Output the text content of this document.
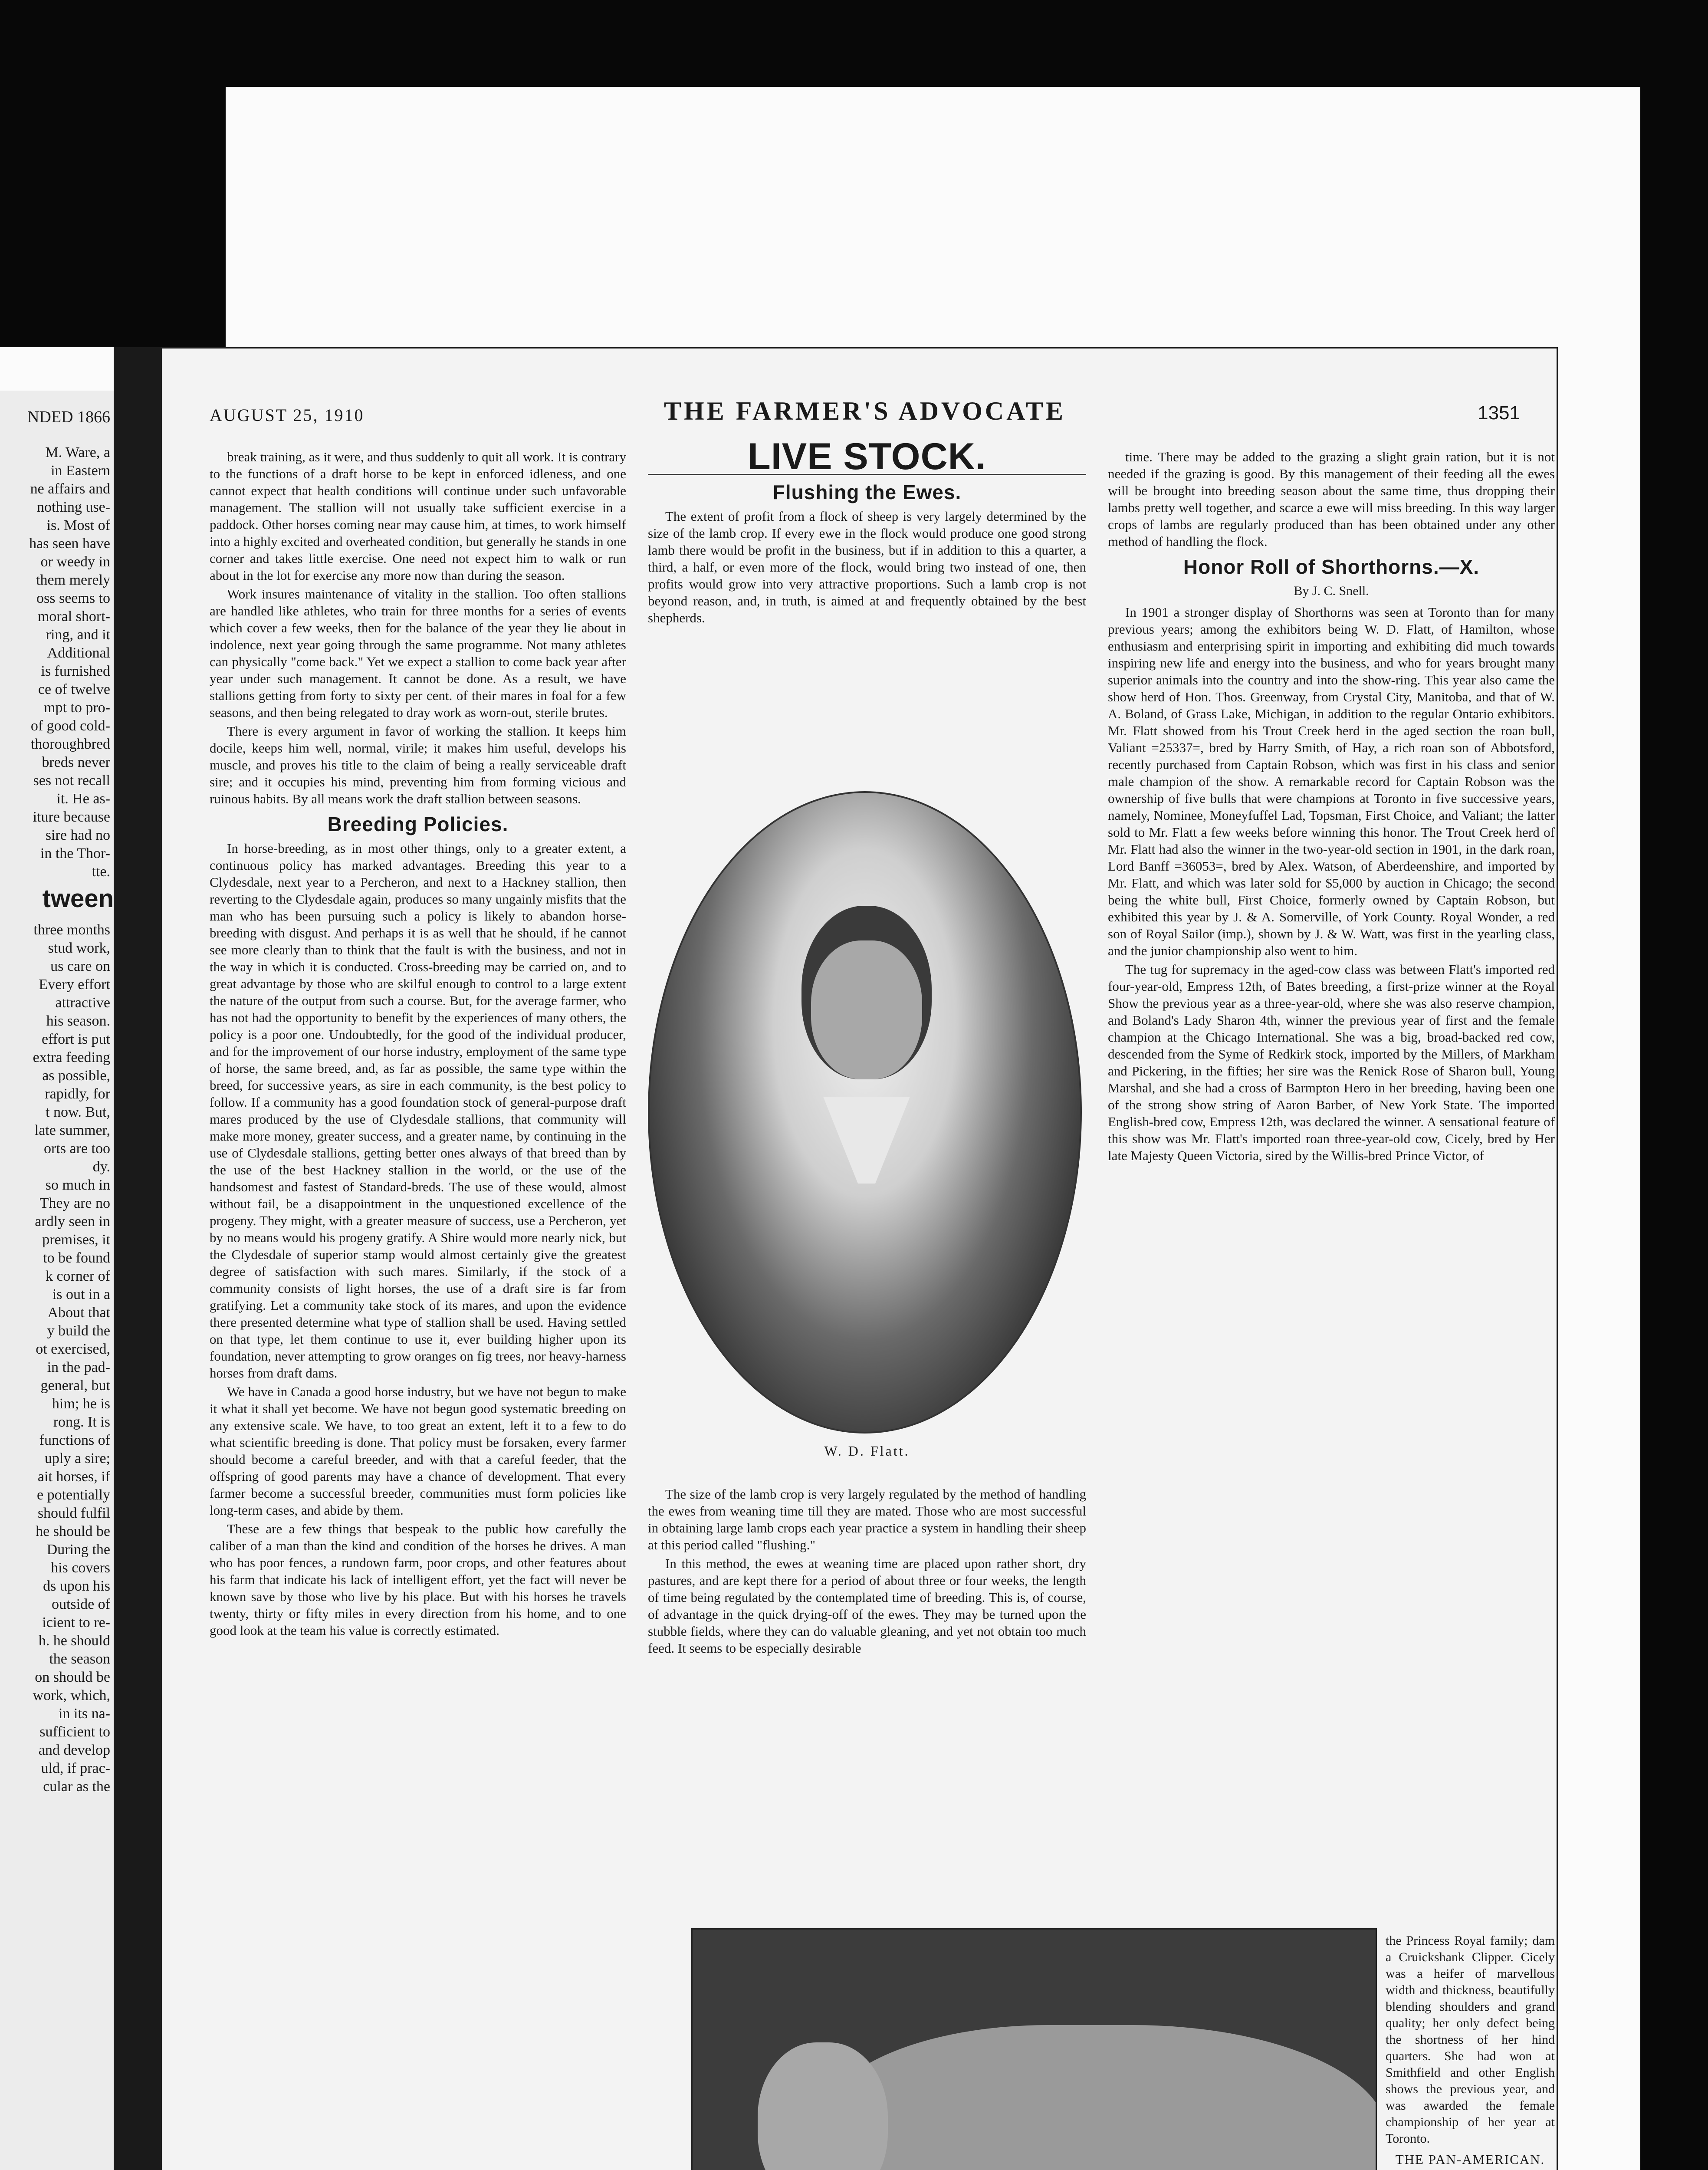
NDED 1866
M. Ware, a
in Eastern
ne affairs and
nothing use-
is. Most of
has seen have
or weedy in
them merely
oss seems to
moral short-
ring, and it
Additional
is furnished
ce of twelve
mpt to pro-
of good cold-
thoroughbred
breds never
ses not recall
it. He as-
iture because
sire had no
in the Thor-
tte.
tween
three months
stud work,
us care on
Every effort
attractive
his season.
effort is put
extra feeding
as possible,
rapidly, for
t now. But,
late summer,
orts are too
dy.
so much in
They are no
ardly seen in
premises, it
to be found
k corner of
is out in a
About that
y build the
ot exercised,
in the pad-
general, but
him; he is
rong. It is
functions of
uply a sire;
ait horses, if
e potentially
should fulfil
he should be
During the
his covers
ds upon his
outside of
icient to re-
h. he should
the season
on should be
work, which,
in its na-
sufficient to
and develop
uld, if prac-
cular as the
AUGUST 25, 1910	THE FARMER'S ADVOCATE	1351

break training, as it were, and thus suddenly to quit all work. It is contrary to the functions of a draft horse to be kept in enforced idleness, and one cannot expect that health conditions will continue under such unfavorable management. The stallion will not usually take sufficient exercise in a paddock. Other horses coming near may cause him, at times, to work himself into a highly excited and overheated condition, but generally he stands in one corner and takes little exercise. One need not expect him to walk or run about in the lot for exercise any more now than during the season.

Work insures maintenance of vitality in the stallion. Too often stallions are handled like athletes, who train for three months for a series of events which cover a few weeks, then for the balance of the year they lie about in indolence, next year going through the same programme. Not many athletes can physically "come back." Yet we expect a stallion to come back year after year under such management. It cannot be done. As a result, we have stallions getting from forty to sixty per cent. of their mares in foal for a few seasons, and then being relegated to dray work as worn-out, sterile brutes.

There is every argument in favor of working the stallion. It keeps him docile, keeps him well, normal, virile; it makes him useful, develops his muscle, and proves his title to the claim of being a really serviceable draft sire; and it occupies his mind, preventing him from forming vicious and ruinous habits. By all means work the draft stallion between seasons.

Breeding Policies.

In horse-breeding, as in most other things, only to a greater extent, a continuous policy has marked advantages. Breeding this year to a Clydesdale, next year to a Percheron, and next to a Hackney stallion, then reverting to the Clydesdale again, produces so many ungainly misfits that the man who has been pursuing such a policy is likely to abandon horse-breeding with disgust. And perhaps it is as well that he should, if he cannot see more clearly than to think that the fault is with the business, and not in the way in which it is conducted. Cross-breeding may be carried on, and to great advantage by those who are skilful enough to control to a large extent the nature of the output from such a course. But, for the average farmer, who has not had the opportunity to benefit by the experiences of many others, the policy is a poor one. Undoubtedly, for the good of the individual producer, and for the improvement of our horse industry, employment of the same type of horse, the same breed, and, as far as possible, the same type within the breed, for successive years, as sire in each community, is the best policy to follow. If a community has a good foundation stock of general-purpose draft mares produced by the use of Clydesdale stallions, that community will make more money, greater success, and a greater name, by continuing in the use of Clydesdale stallions, getting better ones always of that breed than by the use of the best Hackney stallion in the world, or the use of the handsomest and fastest of Standard-breds. The use of these would, almost without fail, be a disappointment in the unquestioned excellence of the progeny. They might, with a greater measure of success, use a Percheron, yet by no means would his progeny gratify. A Shire would more nearly nick, but the Clydesdale of superior stamp would almost certainly give the greatest degree of satisfaction with such mares. Similarly, if the stock of a community consists of light horses, the use of a draft sire is far from gratifying. Let a community take stock of its mares, and upon the evidence there presented determine what type of stallion shall be used. Having settled on that type, let them continue to use it, ever building higher upon its foundation, never attempting to grow oranges on fig trees, nor heavy-harness horses from draft dams.

We have in Canada a good horse industry, but we have not begun to make it what it shall yet become. We have not begun good systematic breeding on any extensive scale. We have, to too great an extent, left it to a few to do what scientific breeding is done. That policy must be forsaken, every farmer should become a careful breeder, and with that a careful feeder, that the offspring of good parents may have a chance of development. That every farmer become a successful breeder, communities must form policies like long-term cases, and abide by them.

These are a few things that bespeak to the public how carefully the caliber of a man than the kind and condition of the horses he drives. A man who has poor fences, a rundown farm, poor crops, and other features about his farm that indicate his lack of intelligent effort, yet the fact will never be known save by those who live by his place. But with his horses he travels twenty, thirty or fifty miles in every direction from his home, and to one good look at the team his value is correctly estimated.

LIVE STOCK.
Flushing the Ewes.

The extent of profit from a flock of sheep is very largely determined by the size of the lamb crop. If every ewe in the flock would produce one good strong lamb there would be profit in the business, but if in addition to this a quarter, a third, a half, or even more of the flock, would bring two instead of one, then profits would grow into very attractive proportions. Such a lamb crop is not beyond reason, and, in truth, is aimed at and frequently obtained by the best shepherds.

W. D. Flatt.

The size of the lamb crop is very largely regulated by the method of handling the ewes from weaning time till they are mated. Those who are most successful in obtaining large lamb crops each year practice a system in handling their sheep at this period called "flushing."

In this method, the ewes at weaning time are placed upon rather short, dry pastures, and are kept there for a period of about three or four weeks, the length of time being regulated by the contemplated time of breeding. This is, of course, of advantage in the quick drying-off of the ewes. They may be turned upon the stubble fields, where they can do valuable gleaning, and yet not obtain too much feed. It seems to be especially desirable

time. There may be added to the grazing a slight grain ration, but it is not needed if the grazing is good. By this management of their feeding all the ewes will be brought into breeding season about the same time, thus dropping their lambs pretty well together, and scarce a ewe will miss breeding. In this way larger crops of lambs are regularly produced than has been obtained under any other method of handling the flock.

Honor Roll of Shorthorns.—X.
By J. C. Snell.

In 1901 a stronger display of Shorthorns was seen at Toronto than for many previous years; among the exhibitors being W. D. Flatt, of Hamilton, whose enthusiasm and enterprising spirit in importing and exhibiting did much towards inspiring new life and energy into the business, and who for years brought many superior animals into the country and into the show-ring. This year also came the show herd of Hon. Thos. Greenway, from Crystal City, Manitoba, and that of W. A. Boland, of Grass Lake, Michigan, in addition to the regular Ontario exhibitors. Mr. Flatt showed from his Trout Creek herd in the aged section the roan bull, Valiant =25337=, bred by Harry Smith, of Hay, a rich roan son of Abbotsford, recently purchased from Captain Robson, which was first in his class and senior male champion of the show. A remarkable record for Captain Robson was the ownership of five bulls that were champions at Toronto in five successive years, namely, Nominee, Moneyfuffel Lad, Topsman, First Choice, and Valiant; the latter sold to Mr. Flatt a few weeks before winning this honor. The Trout Creek herd of Mr. Flatt had also the winner in the two-year-old section in 1901, in the dark roan, Lord Banff =36053=, bred by Alex. Watson, of Aberdeenshire, and imported by Mr. Flatt, and which was later sold for $5,000 by auction in Chicago; the second being the white bull, First Choice, formerly owned by Captain Robson, but exhibited this year by J. & A. Somerville, of York County. Royal Wonder, a red son of Royal Sailor (imp.), shown by J. & W. Watt, was first in the yearling class, and the junior championship also went to him.

The tug for supremacy in the aged-cow class was between Flatt's imported red four-year-old, Empress 12th, of Bates breeding, a first-prize winner at the Royal Show the previous year as a three-year-old, where she was also reserve champion, and Boland's Lady Sharon 4th, winner the previous year of first and the female champion at the Chicago International. She was a big, broad-backed red cow, descended from the Syme of Redkirk stock, imported by the Millers, of Markham and Pickering, in the fifties; her sire was the Renick Rose of Sharon bull, Young Marshal, and she had a cross of Barmpton Hero in her breeding, having been one of the strong show string of Aaron Barber, of New York State. The imported English-bred cow, Empress 12th, was declared the winner. A sensational feature of this show was Mr. Flatt's imported roan three-year-old cow, Cicely, bred by Her late Majesty Queen Victoria, sired by the Willis-bred Prince Victor, of

the Princess Royal family; dam a Cruickshank Clipper. Cicely was a heifer of marvellous width and thickness, beautifully blending shoulders and grand quality; her only defect being the shortness of her hind quarters. She had won at Smithfield and other English shows the previous year, and was awarded the female championship of her year at Toronto.

THE PAN-AMERICAN.
